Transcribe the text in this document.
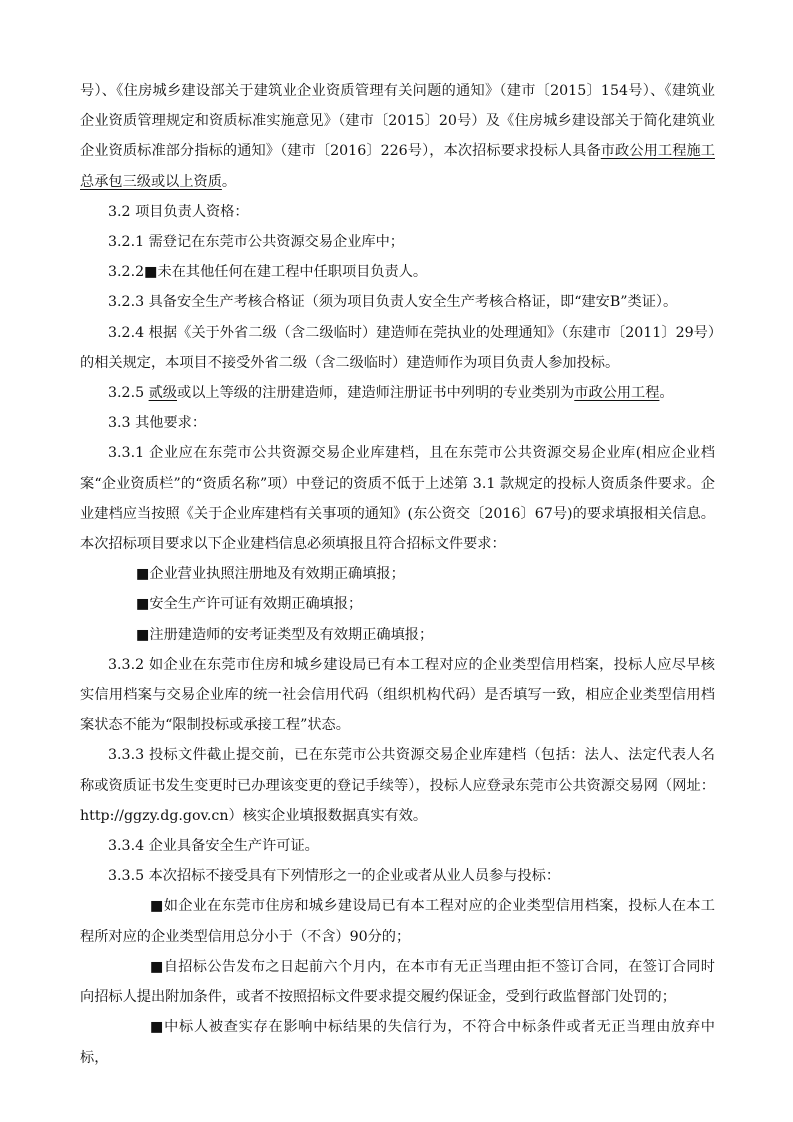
号）、《住房城乡建设部关于建筑业企业资质管理有关问题的通知》（建市〔2015〕154号）、《建筑业企业资质管理规定和资质标准实施意见》（建市〔2015〕20号）及《住房城乡建设部关于简化建筑业企业资质标准部分指标的通知》（建市〔2016〕226号），本次招标要求投标人具备市政公用工程施工总承包三级或以上资质。

3.2 项目负责人资格：

3.2.1 需登记在东莞市公共资源交易企业库中；

3.2.2■未在其他任何在建工程中任职项目负责人。

3.2.3 具备安全生产考核合格证（须为项目负责人安全生产考核合格证，即“建安B”类证）。

3.2.4 根据《关于外省二级（含二级临时）建造师在莞执业的处理通知》（东建市〔2011〕29号）的相关规定，本项目不接受外省二级（含二级临时）建造师作为项目负责人参加投标。

3.2.5 贰级或以上等级的注册建造师，建造师注册证书中列明的专业类别为市政公用工程。

3.3 其他要求：

3.3.1 企业应在东莞市公共资源交易企业库建档，且在东莞市公共资源交易企业库(相应企业档案“企业资质栏”的“资质名称”项）中登记的资质不低于上述第 3.1 款规定的投标人资质条件要求。企业建档应当按照《关于企业库建档有关事项的通知》(东公资交〔2016〕67号)的要求填报相关信息。本次招标项目要求以下企业建档信息必须填报且符合招标文件要求：

■企业营业执照注册地及有效期正确填报；

■安全生产许可证有效期正确填报；

■注册建造师的安考证类型及有效期正确填报；

3.3.2 如企业在东莞市住房和城乡建设局已有本工程对应的企业类型信用档案，投标人应尽早核实信用档案与交易企业库的统一社会信用代码（组织机构代码）是否填写一致，相应企业类型信用档案状态不能为“限制投标或承接工程”状态。

3.3.3 投标文件截止提交前，已在东莞市公共资源交易企业库建档（包括：法人、法定代表人名称或资质证书发生变更时已办理该变更的登记手续等），投标人应登录东莞市公共资源交易网（网址：http://ggzy.dg.gov.cn）核实企业填报数据真实有效。

3.3.4 企业具备安全生产许可证。

3.3.5 本次招标不接受具有下列情形之一的企业或者从业人员参与投标：

■如企业在东莞市住房和城乡建设局已有本工程对应的企业类型信用档案，投标人在本工程所对应的企业类型信用总分小于（不含）90分的；

■自招标公告发布之日起前六个月内，在本市有无正当理由拒不签订合同，在签订合同时向招标人提出附加条件，或者不按照招标文件要求提交履约保证金，受到行政监督部门处罚的；

■中标人被查实存在影响中标结果的失信行为，不符合中标条件或者无正当理由放弃中标，
